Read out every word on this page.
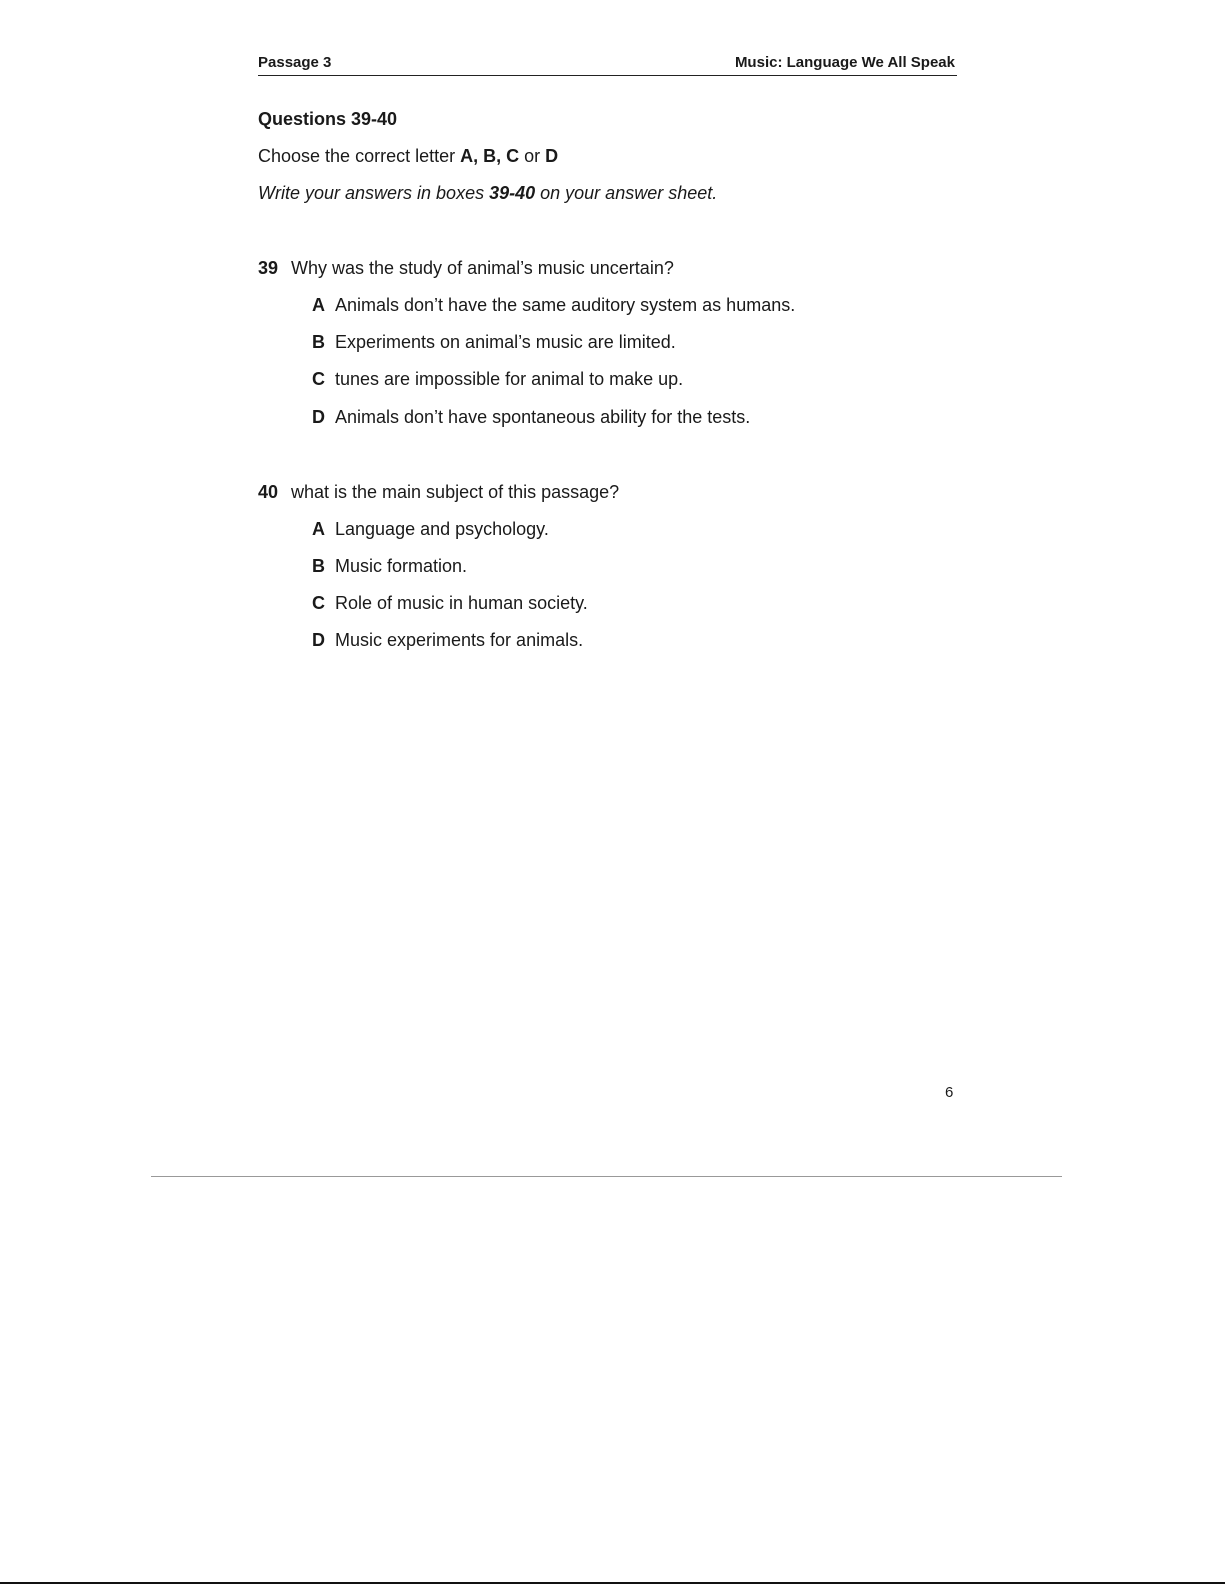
Passage 3	Music: Language We All Speak
Questions 39-40
Choose the correct letter A, B, C or D
Write your answers in boxes 39-40 on your answer sheet.
39 Why was the study of animal’s music uncertain?
A Animals don’t have the same auditory system as humans.
B Experiments on animal’s music are limited.
C tunes are impossible for animal to make up.
D Animals don’t have spontaneous ability for the tests.
40 what is the main subject of this passage?
A Language and psychology.
B Music formation.
C Role of music in human society.
D Music experiments for animals.
6
